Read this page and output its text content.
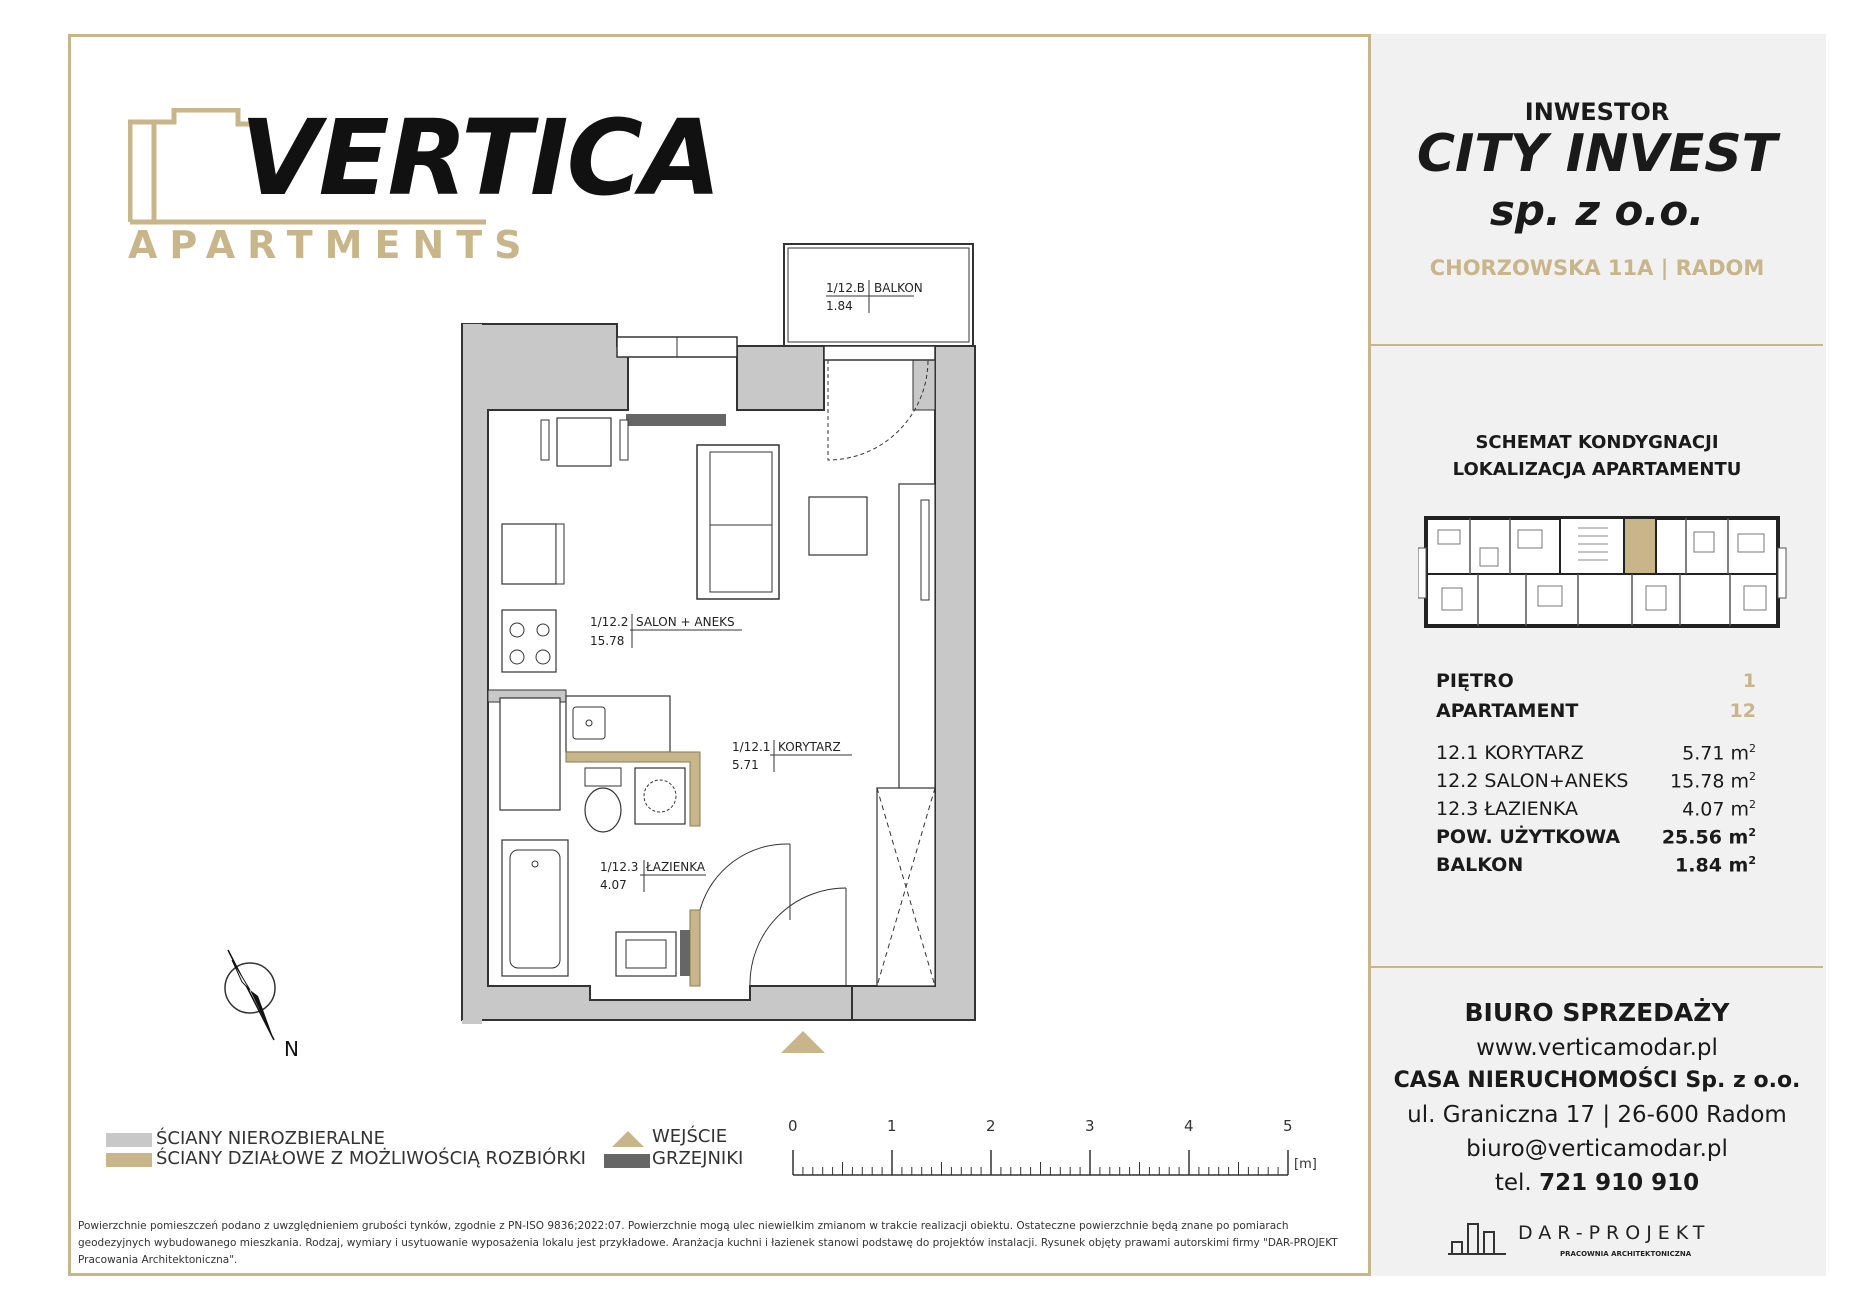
VERTICA
APARTMENTS
1/12.B BALKON
1.84
1/12.2 SALON + ANEKS
15.78
1/12.1 KORYTARZ
5.71
1/12.3 ŁAZIENKA
4.07
N
0	1	2	3	4	5
[m]
ŚCIANY NIEROZBIERALNE
ŚCIANY DZIAŁOWE Z MOŻLIWOŚCIĄ ROZBIÓRKI
WEJŚCIE
GRZEJNIKI
Powierzchnie pomieszczeń podano z uwzględnieniem grubości tynków, zgodnie z PN-ISO 9836;2022:07. Powierzchnie mogą ulec niewielkim zmianom w trakcie realizacji obiektu. Ostateczne powierzchnie będą znane po pomiarach geodezyjnych wybudowanego mieszkania. Rodzaj, wymiary i usytuowanie wyposażenia lokalu jest przykładowe. Aranżacja kuchni i łazienek stanowi podstawę do projektów instalacji. Rysunek objęty prawami autorskimi firmy "DAR-PROJEKT Pracowania Architektoniczna".
INWESTOR
CITY INVEST
sp. z o.o.
CHORZOWSKA 11A | RADOM
SCHEMAT KONDYGNACJI
LOKALIZACJA APARTAMENTU
PIĘTRO	1
APARTAMENT	12
12.1 KORYTARZ	5.71 $m^2$
12.2 SALON+ANEKS 15.78 $m^2$
12.3 ŁAZIENKA	4.07 $m^2$
POW. UŻYTKOWA 25.56 $m^2$
BALKON	1.84 $m^2$
BIURO SPRZEDAŻY
www.verticamodar.pl
CASA NIERUCHOMOŚCI Sp. z o.o.
ul. Graniczna 17 | 26-600 Radom
biuro@verticamodar.pl
tel. 721 910 910
DAR-PROJEKT
PRACOWNIA ARCHITEKTONICZNA
